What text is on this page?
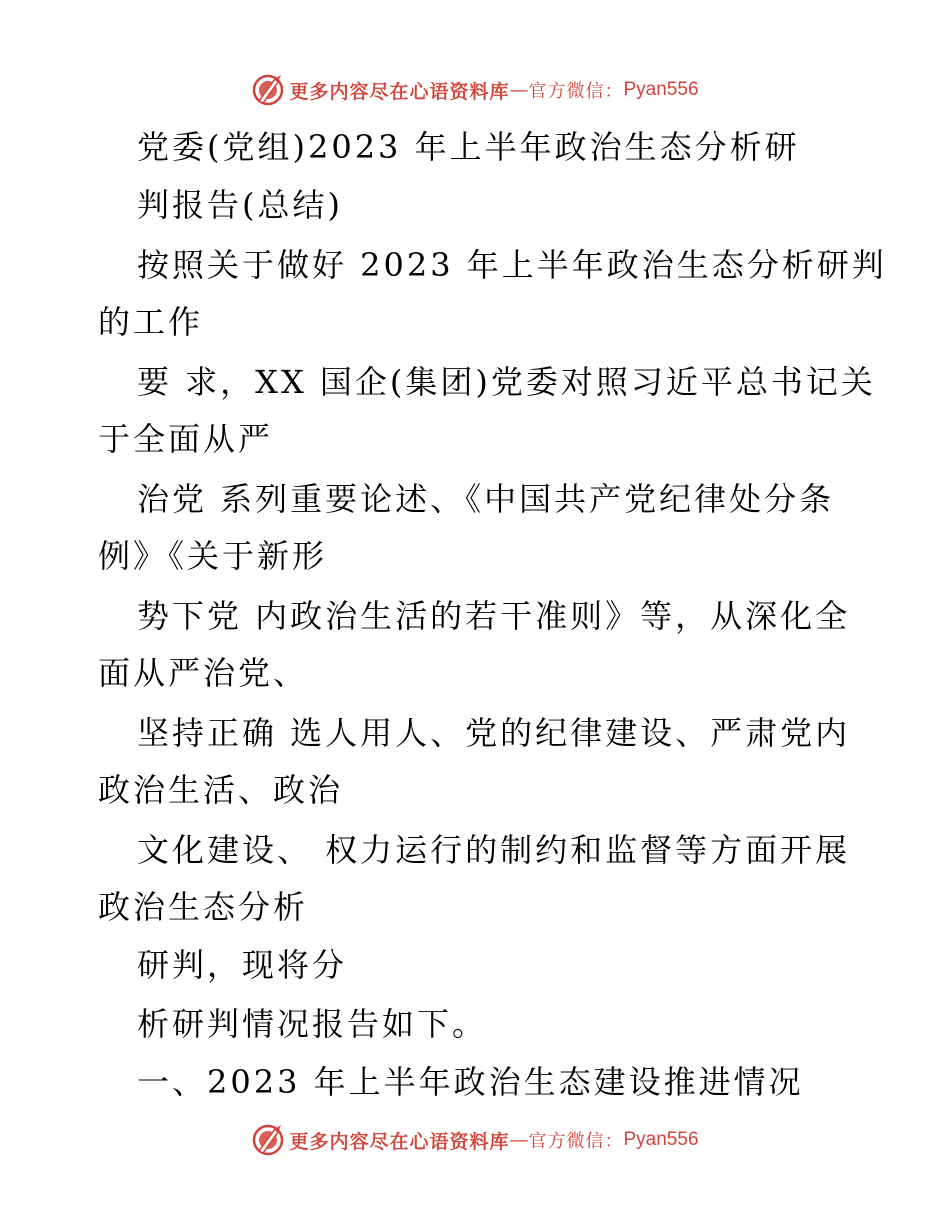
更多内容尽在心语资料库 — 官方微信： Pyan556
党委(党组)2023 年上半年政治生态分析研
判报告(总结)
按照关于做好 2023 年上半年政治生态分析研判
的工作
要 求，XX 国企(集团)党委对照习近平总书记关
于全面从严
治党 系列重要论述、《中国共产党纪律处分条
例》《关于新形
势下党 内政治生活的若干准则》等，从深化全
面从严治党、
坚持正确 选人用人、党的纪律建设、严肃党内
政治生活、政治
文化建设、 权力运行的制约和监督等方面开展
政治生态分析
研判，现将分
析研判情况报告如下。
一、2023 年上半年政治生态建设推进情况
更多内容尽在心语资料库 — 官方微信： Pyan556
